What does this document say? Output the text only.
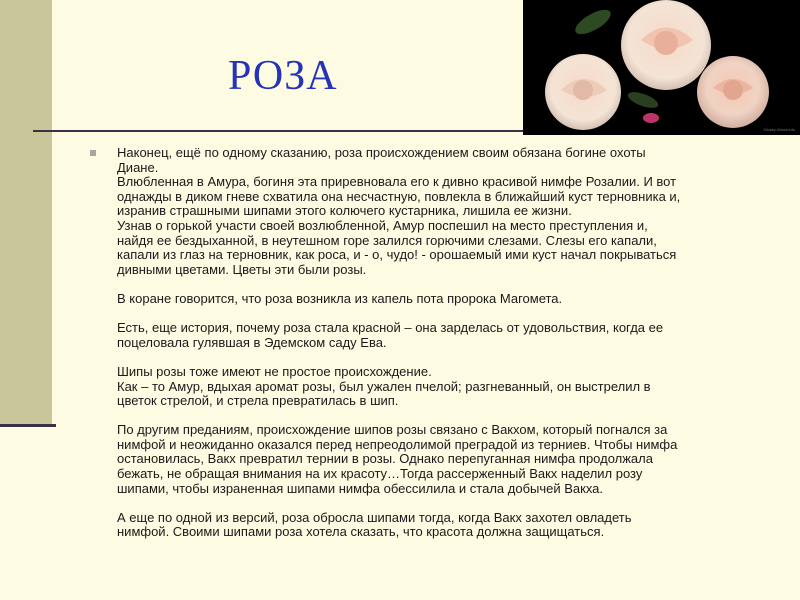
РОЗА
Glossy-Wood.info
Наконец, ещё по одному сказанию, роза происхождением своим обязана богине охоты
Диане.
Влюбленная в Амура, богиня эта приревновала его к дивно красивой нимфе Розалии. И вот
однажды в диком гневе схватила она несчастную, повлекла в ближайший куст терновника и,
изранив страшными шипами этого колючего кустарника, лишила ее жизни.
Узнав о горькой участи своей возлюбленной, Амур поспешил на место преступления и,
найдя ее бездыханной, в неутешном горе залился горючими слезами. Слезы его капали,
капали из глаз на терновник, как роса, и - о, чудо! - орошаемый ими куст начал покрываться
дивными цветами. Цветы эти были розы.
В коране говорится, что роза возникла из капель пота пророка Магомета.
Есть, еще история, почему роза стала красной – она зарделась от удовольствия, когда ее
поцеловала гулявшая в Эдемском саду Ева.
Шипы розы тоже имеют не простое происхождение.
Как – то Амур, вдыхая аромат розы, был ужален пчелой; разгневанный, он выстрелил в
цветок стрелой, и стрела превратилась в шип.
По другим преданиям, происхождение шипов розы связано с Вакхом, который погнался за
нимфой и неожиданно оказался перед непреодолимой преградой из терниев. Чтобы нимфа
остановилась, Вакх превратил тернии в розы. Однако перепуганная нимфа продолжала
бежать, не обращая внимания на их красоту…Тогда рассерженный Вакх наделил розу
шипами, чтобы израненная шипами нимфа обессилила и стала добычей Вакха.
А еще по одной из версий, роза обросла шипами тогда, когда Вакх захотел овладеть
нимфой. Своими шипами роза хотела сказать, что красота должна защищаться.
